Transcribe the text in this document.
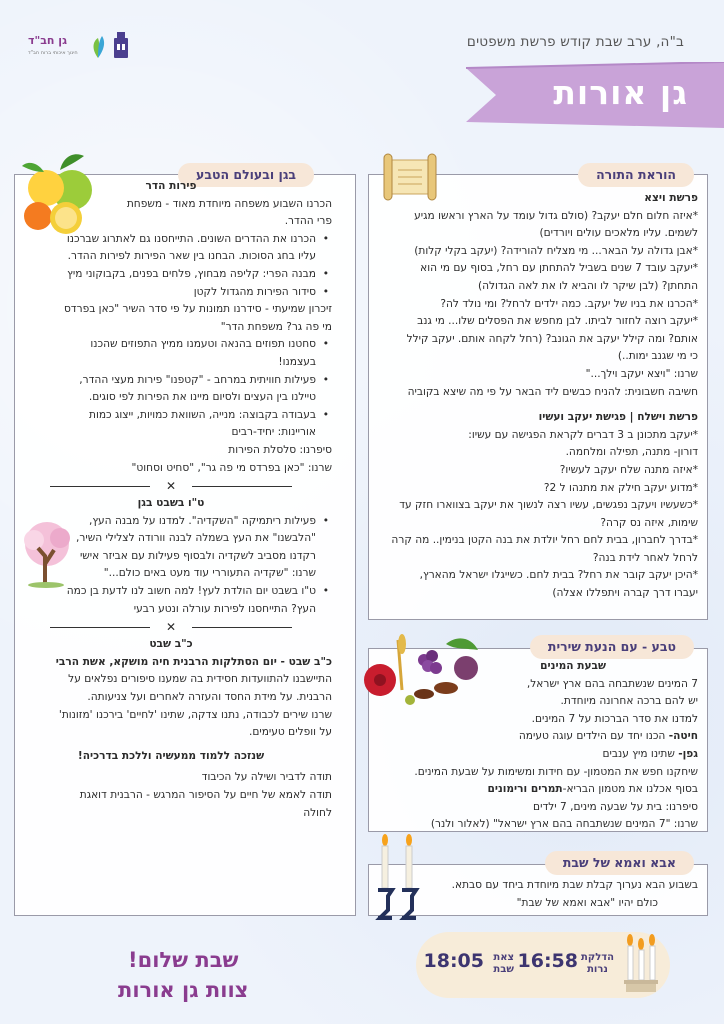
ב"ה, ערב שבת קודש פרשת משפטים
גן חב"ד
חינוך איכותי ברוח חב"ד
גן אורות
הוראת התורה

פרשת ויצא

*איזה חלום חלם יעקב? (סולם גדול עומד על הארץ וראשו מגיע

לשמים. עליו מלאכים עולים ויורדים)

*אבן גדולה על הבאר... מי מצליח להורידה? (יעקב בקלי קלות)

*יעקב עובד 7 שנים בשביל להתחתן עם רחל, בסוף עם מי הוא

התחתן? (לבן שיקר לו והביא לו את לאה הגדולה)

*הכרנו את בניו של יעקב. כמה ילדים לרחל? ומי נולד לה?

*יעקב רוצה לחזור לביתו. לבן מחפש את הפסלים שלו... מי גנב

אותם? ומה קילל יעקב את הגונב? (רחל לקחה אותם. יעקב קילל

כי מי שגנב ימות..)

שרנו: "ויצא יעקב וילך..."

חשיבה חשבונית: להניח כבשים ליד הבאר על פי מה שיצא בקוביה

פרשת וישלח | פגישת יעקב ועשיו

*יעקב מתכונן ב 3 דברים לקראת הפגישה עם עשיו:

דורון- מתנה, תפילה ומלחמה.

*איזה מתנה שלח יעקב לעשיו?

*מדוע יעקב חילק את מתנהו ל 2?

*כשעשיו ויעקב נפגשים, עשיו רצה לנשוך את יעקב בצווארו חזק עד

שימות, איזה נס קרה?

*בדרך לחברון, בבית לחם רחל יולדת את בנה הקטן בנימין.. מה קרה

לרחל לאחר לידת בנה?

*היכן יעקב קובר את רחל? בבית לחם. כשייגלו ישראל מהארץ,

יעברו דרך קברה ויתפללו אצלה)

בגן ובעולם הטבע

פירות הדר

הכרנו השבוע משפחה מיוחדת מאוד - משפחת

פרי ההדר.

• הכרנו את ההדרים השונים. התייחסנו גם לאתרוג שברכנו
עליו בחג הסוכות. הבחנו בין שאר הפירות לפירות ההדר.
• מבנה הפרי: קליפה מבחוץ, פלחים בפנים, בקבוקוני מיץ
• סידור הפירות מהגדול לקטן

זיכרון שמיעתי - סידרנו תמונות על פי סדר השיר "כאן בפרדס

מי פה גר? משפחת הדר"

• סחטנו תפוזים בהנאה וטעמנו ממיץ התפוזים שהכנו
בעצמנו!
• פעילות חוויתית במרחב - "קטפנו" פירות מעצי ההדר,
טיילנו בין העצים ולסיום מיינו את הפירות לפי סוגים.
• בעבודה בקבוצה: מנייה, השוואת כמויות, ייצוג כמות
אוריינות: יחיד-רבים

סיפרנו: סלסלת הפירות

שרנו: "כאן בפרדס מי פה גר", "סחיט וסחוט"

✕

ט"ו בשבט בגן

• פעילות ריתמיקה "השקדיה". למדנו על מבנה העץ,
"הלבשנו" את העץ בשמלה לבנה וורודה לצלילי השיר,
רקדנו מסביב לשקדיה ולבסוף פעילות עם אביזר אישי
שרנו: "שקדיה התעוררי עוד מעט באים כולם..."
• ט"ו בשבט יום הולדת לעץ! למה חשוב לנו לדעת בן כמה
העץ? התייחסנו לפירות עורלה ונטע רבעי
✕

כ"ב שבט

כ"ב שבט - יום הסתלקות הרבנית חיה מושקא, אשת הרבי

התיישבנו להתוועדות חסידית בה שמענו סיפורים נפלאים על

הרבנית. על מידת החסד והעזרה לאחרים ועל צניעותה.

שרנו שירים לכבודה, נתנו צדקה, שתינו 'לחיים' בירכנו 'מזונות'

על וופלים טעימים.

שנזכה ללמוד ממעשיה וללכת בדרכיה!

תודה לדביר ושילה על הכיבוד

תודה לאמא של חיים על הסיפור המרגש - הרבנית דואגת

לחולה

טבע - עם הנעת שירית

שבעת המינים

7 המינים שנשתבחה בהם ארץ ישראל,

יש להם ברכה אחרונה מיוחדת.

למדנו את סדר הברכות על 7 המינים.

חיטה- הכנו יחד עם הילדים עוגה טעימה

גפן- שתינו מיץ ענבים

שיחקנו חפש את המטמון- עם חידות ומשימות על שבעת המינים.

בסוף אכלנו את מטמון הבריא-תמרים ורימונים

סיפרנו: בית על שבעה מינים, 7 ילדים

שרנו: "7 המינים שנשתבחה בהם ארץ ישראל" (לאלור ולנר)

אבא ואמא של שבת

בשבוע הבא נערוך קבלת שבת מיוחדת ביחד עם סבתא.

כולם יהיו "אבא ואמא של שבת"

שבת שלום!
צוות גן אורות
הדלקת
נרות
16:58
צאת
שבת
18:05
